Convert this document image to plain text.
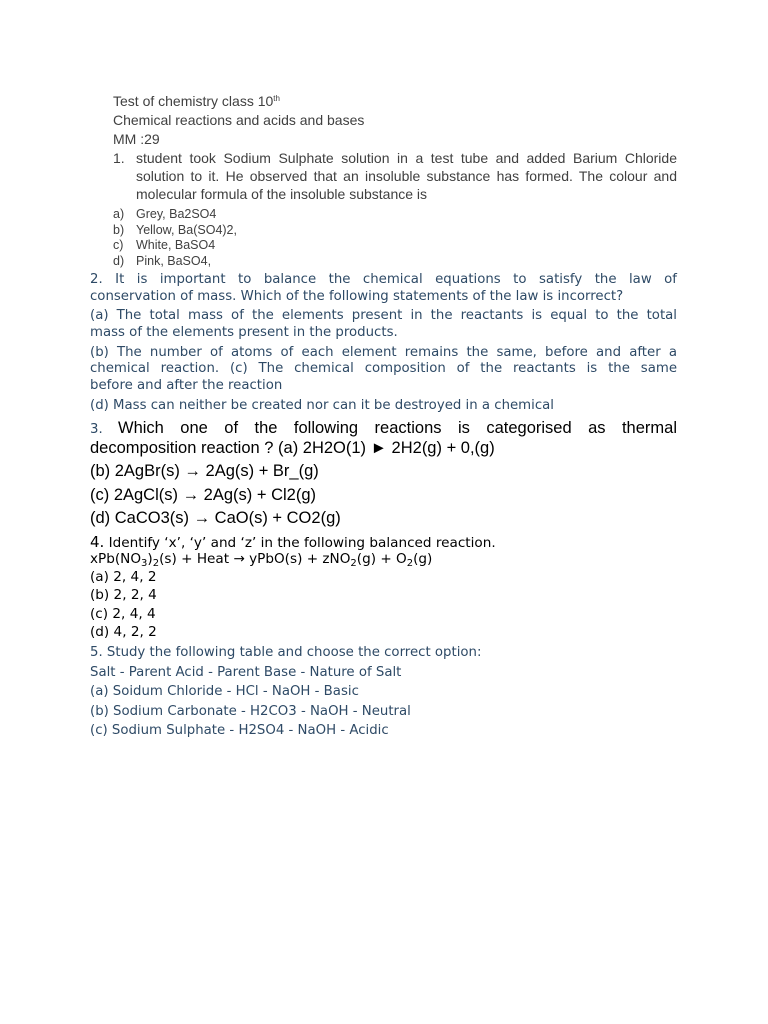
Test of chemistry class 10th

Chemical reactions and acids and bases

MM :29

1. student took Sodium Sulphate solution in a test tube and added Barium Chloride

solution to it. He observed that an insoluble substance has formed. The colour and

molecular formula of the insoluble substance is

a) Grey, Ba2SO4
b) Yellow, Ba(SO4)2,
c) White, BaSO4
d) Pink, BaSO4,

2. It is important to balance the chemical equations to satisfy the law of

conservation of mass. Which of the following statements of the law is incorrect?

(a) The total mass of the elements present in the reactants is equal to the total

mass of the elements present in the products.

(b) The number of atoms of each element remains the same, before and after a

chemical reaction. (c) The chemical composition of the reactants is the same

before and after the reaction

(d) Mass can neither be created nor can it be destroyed in a chemical

3. Which one of the following reactions is categorised as thermal

decomposition reaction ? (a) 2H2O(1) ► 2H2(g) + 0,(g)

(b) 2AgBr(s) → 2Ag(s) + Br_(g)

(c) 2AgCl(s) → 2Ag(s) + Cl2(g)

(d) CaCO3(s) → CaO(s) + CO2(g)

4. Identify ‘x’, ‘y’ and ‘z’ in the following balanced reaction.

$xPb(NO_3)_2(s)$ + Heat → yPbO(s) + $zNO_2(g) + O_2(g)$

(a) 2, 4, 2

(b) 2, 2, 4

(c) 2, 4, 4

(d) 4, 2, 2

5. Study the following table and choose the correct option:

Salt - Parent Acid - Parent Base - Nature of Salt

(a) Soidum Chloride - HCl - NaOH - Basic

(b) Sodium Carbonate - H2CO3 - NaOH - Neutral

(c) Sodium Sulphate - H2SO4 - NaOH - Acidic
